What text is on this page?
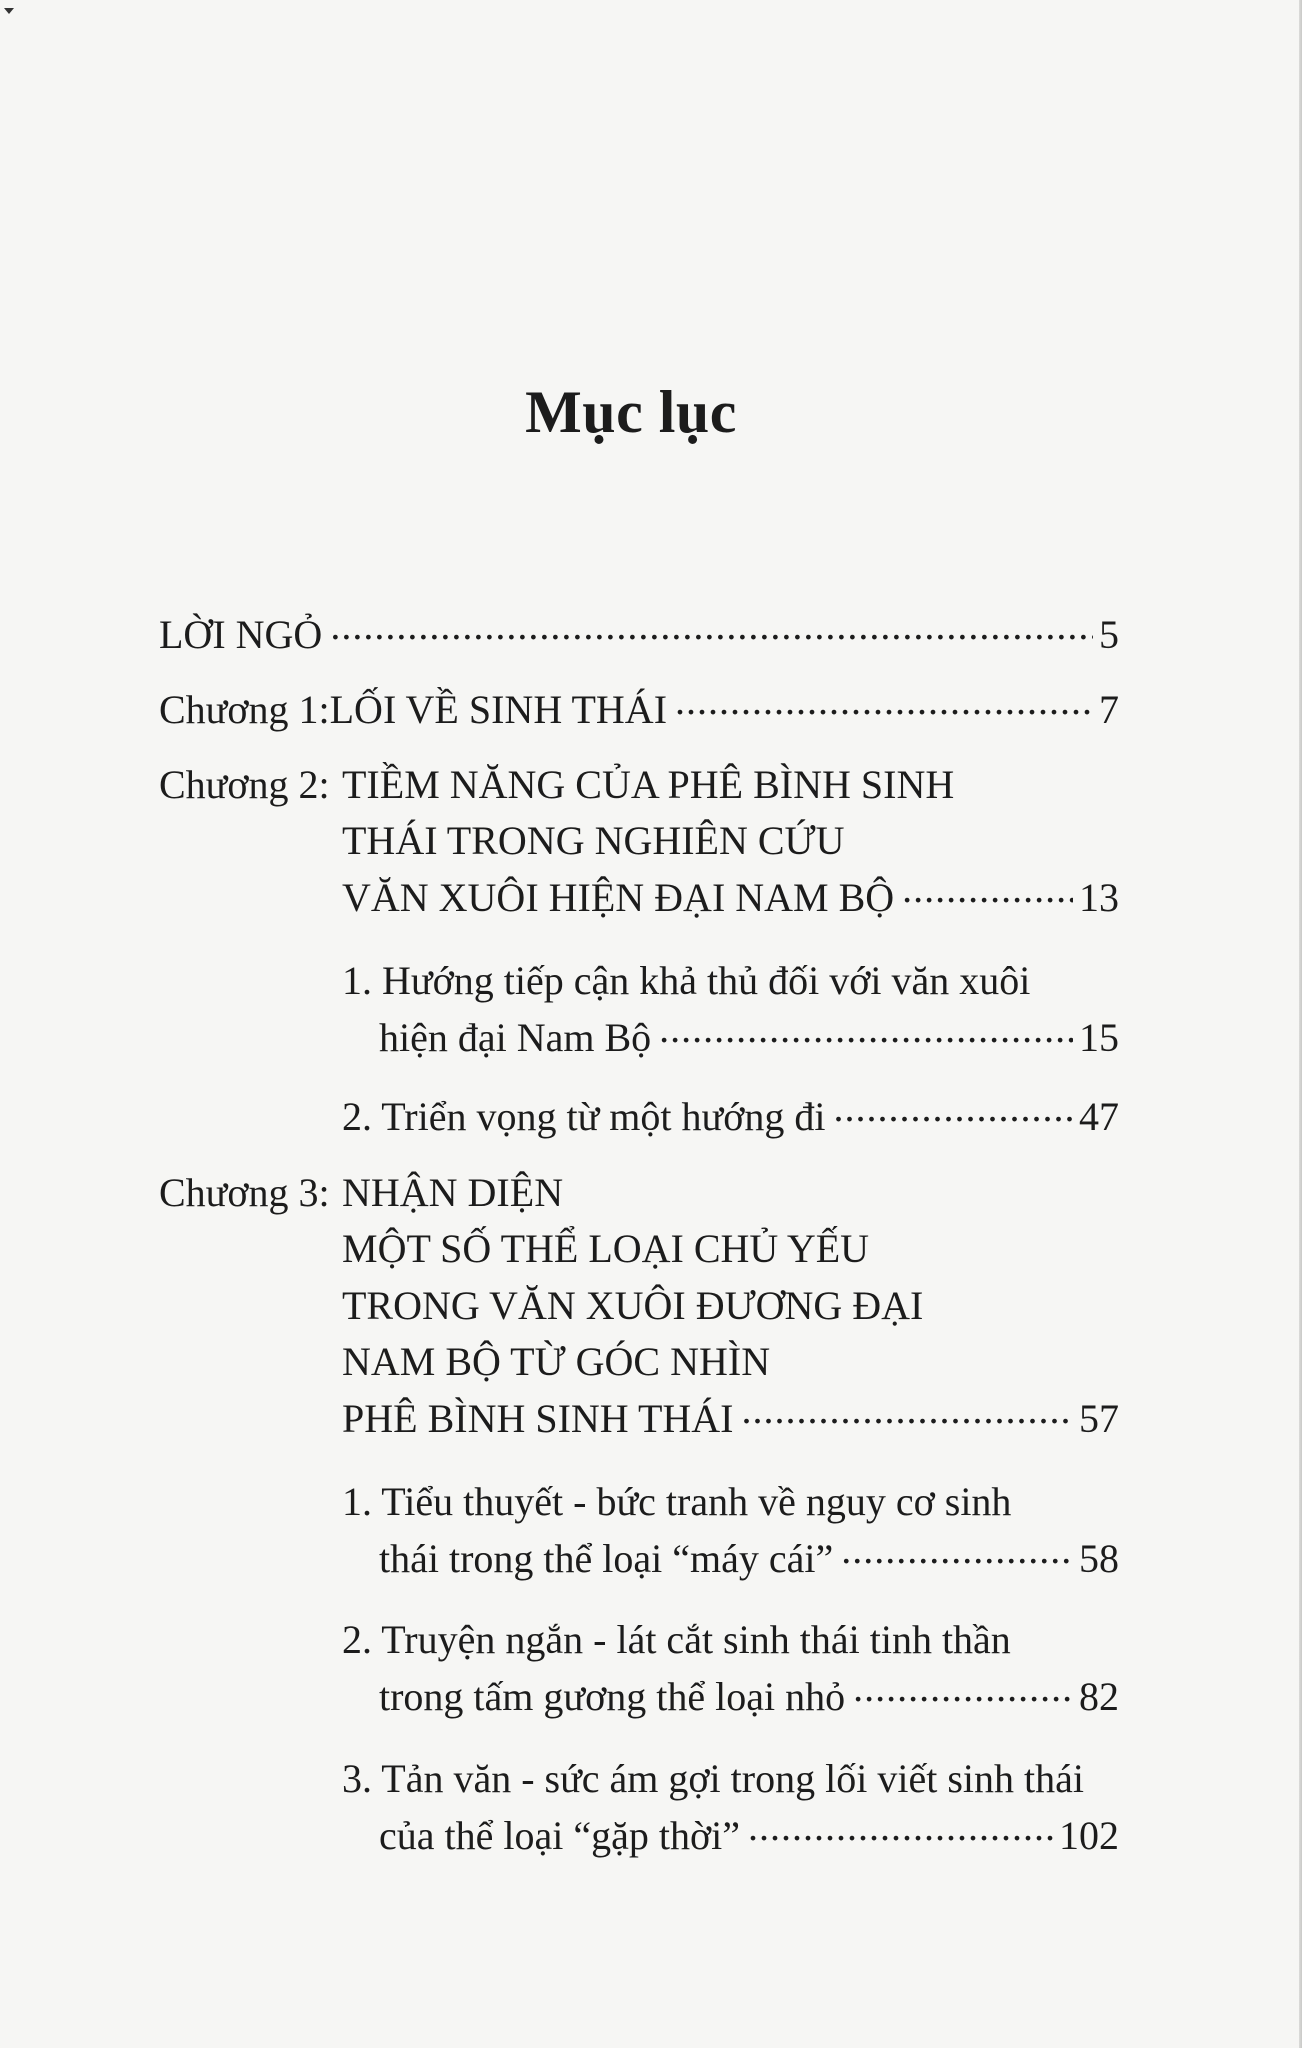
Mục lục
LỜI NGỎ .....	5
Chương 1: LỐI VỀ SINH THÁI .....	7
Chương 2: TIỀM NĂNG CỦA PHÊ BÌNH SINH
THÁI TRONG NGHIÊN CỨU
VĂN XUÔI HIỆN ĐẠI NAM BỘ .....	13
1. Hướng tiếp cận khả thủ đối với văn xuôi
hiện đại Nam Bộ .....	15
2. Triển vọng từ một hướng đi .....	47
Chương 3: NHẬN DIỆN
MỘT SỐ THỂ LOẠI CHỦ YẾU
TRONG VĂN XUÔI ĐƯƠNG ĐẠI
NAM BỘ TỪ GÓC NHÌN
PHÊ BÌNH SINH THÁI .....	57
1. Tiểu thuyết - bức tranh về nguy cơ sinh
thái trong thể loại “máy cái” .....	58
2. Truyện ngắn - lát cắt sinh thái tinh thần
trong tấm gương thể loại nhỏ .....	82
3. Tản văn - sức ám gợi trong lối viết sinh thái
của thể loại “gặp thời” .....	102
